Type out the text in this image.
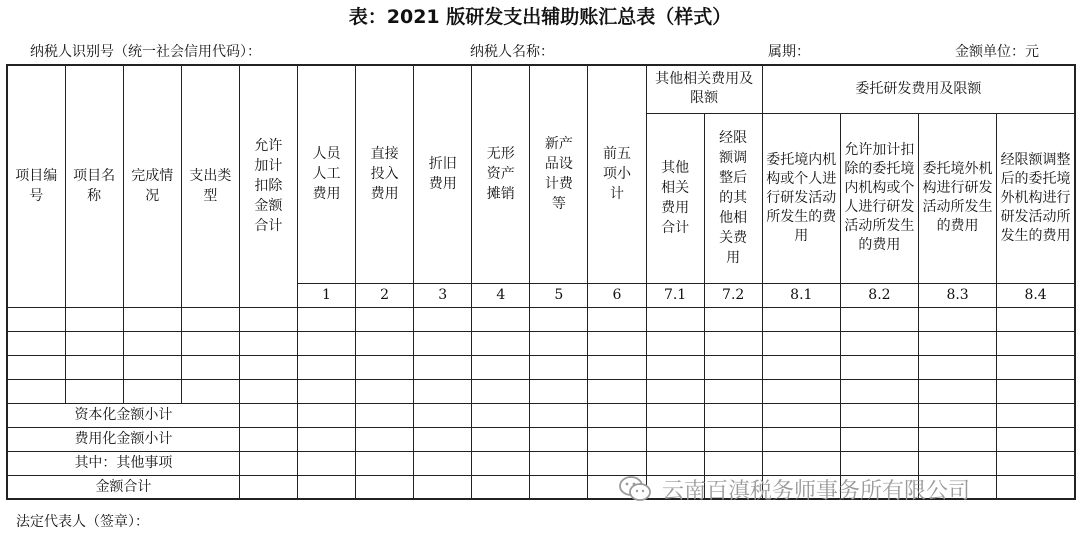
表：2021 版研发支出辅助账汇总表（样式）
纳税人识别号（统一社会信用代码）：	纳税人名称：	属期：	金额单位：元
项目编号	项目名称	完成情况	支出类型	允许加计扣除金额合计	人员人工费用	直接投入费用	折旧费用	无形资产摊销	新产品设计费等	前五项小计	其他相关费用及限额		委托研发费用及限额			
											其他相关费用合计	经限额调整后的其他相关费用	委托境内机构或个人进行研发活动所发生的费用	允许加计扣除的委托境内机构或个人进行研发活动所发生的费用	委托境外机构进行研发活动所发生的费用	经限额调整后的委托境外机构进行研发活动所发生的费用
					1	2	3	4	5	6	7.1	7.2	8.1	8.2	8.3	8.4

资本化金额小计																
费用化金额小计																
其中：其他事项																
金额合计																	云南百滇税务师事务所有限公司
法定代表人（签章）：
